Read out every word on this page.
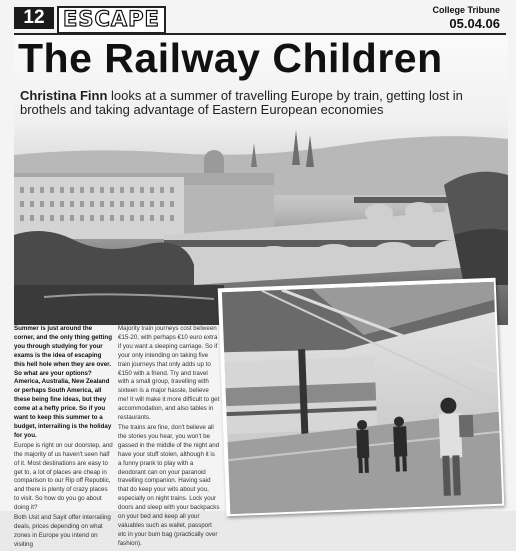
12 ESCAPE	College Tribune
05.04.06
The Railway Children
Christina Finn looks at a summer of travelling Europe by train, getting lost in brothels and taking advantage of Eastern European economies

Summer is just around the corner, and the only thing getting you through studying for your exams is the idea of escaping this hell hole when they are over. So what are your options? America, Australia, New Zealand or perhaps South America, all these being fine ideas, but they come at a hefty price. So if you want to keep this summer to a budget, interrailing is the holiday for you.

Europe is right on our doorstep, and the majority of us haven't seen half of it. Most destinations are easy to get to, a lot of places are cheap in comparison to our Rip off Republic, and there is plenty of crazy places to visit. So how do you go about doing it?

Both Usit and Sayit offer interrailing deals, prices depending on what zones in Europe you intend on visiting

Majority train journeys cost between €15-20, with perhaps €10 euro extra if you want a sleeping carriage. So if your only intending on taking five train journeys that only adds up to €150 with a friend. Try and travel with a small group, travelling with sixteen is a major hassle, believe me! It will make it more difficult to get accommodation, and also tables in restaurants.

The trains are fine, don't believe all the stories you hear, you won't be gassed in the middle of the night and have your stuff stolen, although it is a funny prank to play with a deodorant can on your paranoid travelling companion. Having said that do keep your wits about you, especially on night trains. Lock your doors and sleep with your backpacks on your bed and keep all your valuables such as wallet, passport etc in your bum bag (practically over fashion).
